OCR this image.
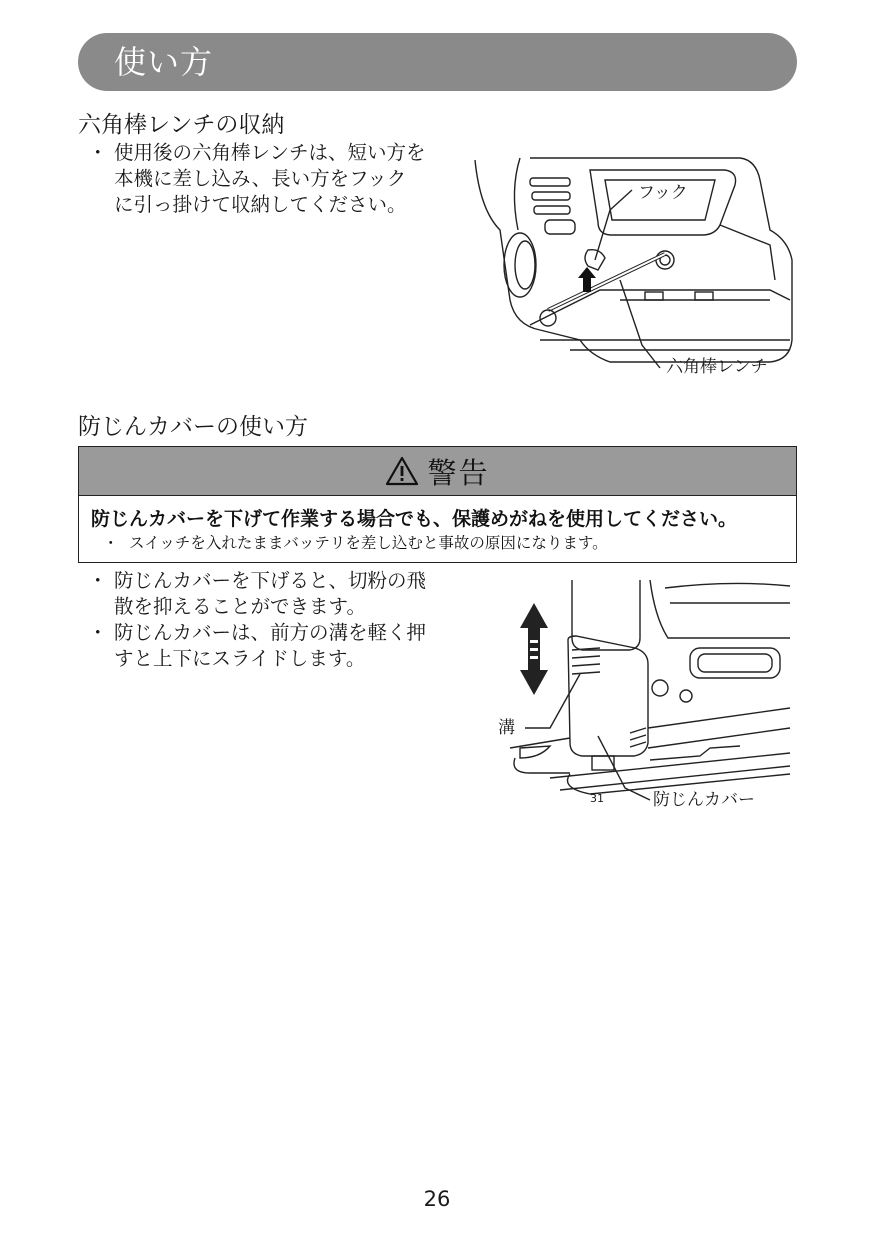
使い方
六角棒レンチの収納
・ 使用後の六角棒レンチは、短い方を
本機に差し込み、長い方をフック
に引っ掛けて収納してください。	フック
六角棒レンチ
防じんカバーの使い方
警告
防じんカバーを下げて作業する場合でも、保護めがねを使用してください。
・ スイッチを入れたままバッテリを差し込むと事故の原因になります。
・ 防じんカバーを下げると、切粉の飛
散を抑えることができます。
・ 防じんカバーは、前方の溝を軽く押
すと上下にスライドします。
溝
防じんカバー
31
26
